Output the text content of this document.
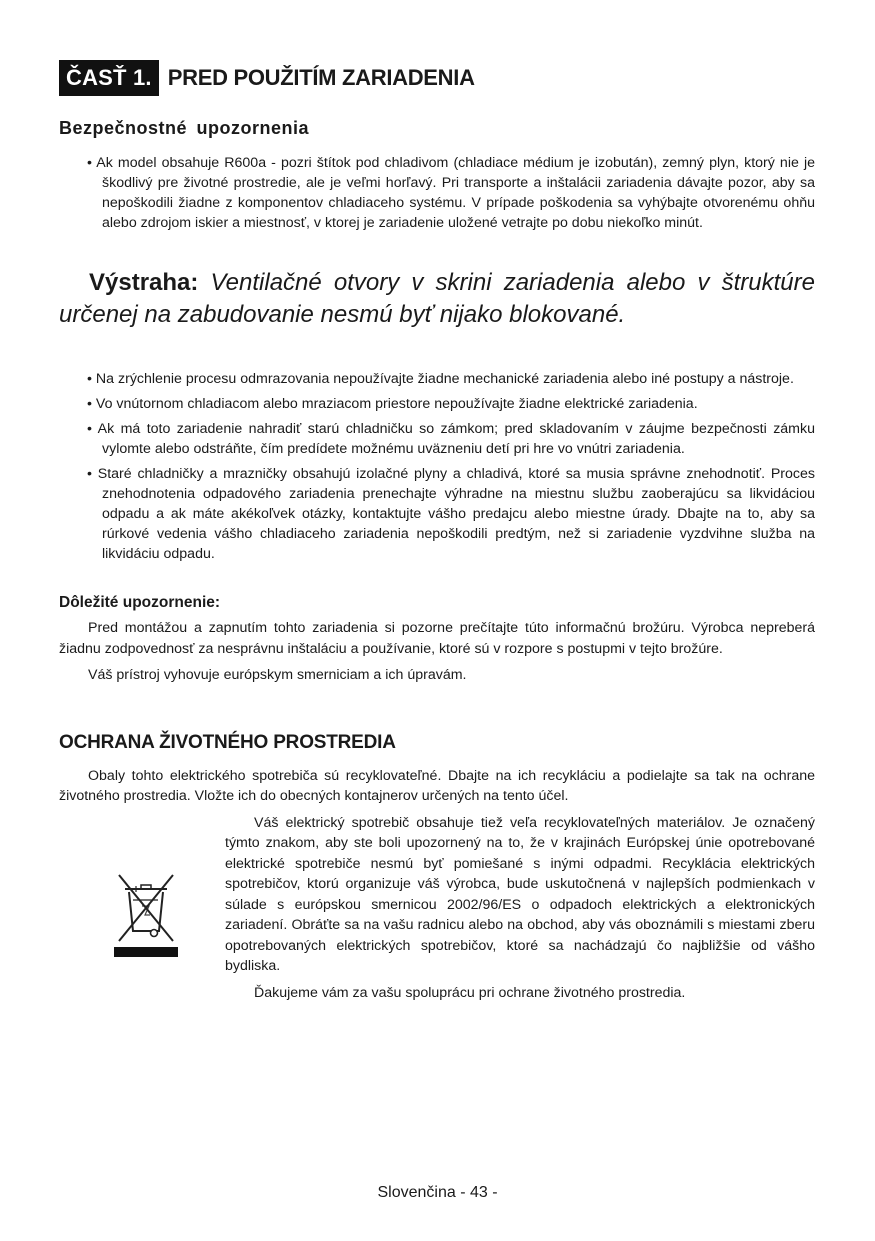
ČASŤ 1. PRED POUŽITÍM ZARIADENIA
Bezpečnostné upozornenia
• Ak model obsahuje R600a - pozri štítok pod chladivom (chladiace médium je izobután), zemný plyn, ktorý nie je škodlivý pre životné prostredie, ale je veľmi horľavý. Pri transporte a inštalácii zariadenia dávajte pozor, aby sa nepoškodili žiadne z komponentov chladiaceho systému. V prípade poškodenia sa vyhýbajte otvorenému ohňu alebo zdrojom iskier a miestnosť, v ktorej je zariadenie uložené vetrajte po dobu niekoľko minút.
Výstraha: Ventilačné otvory v skrini zariadenia alebo v štruktúre určenej na zabudovanie nesmú byť nijako blokované.
• Na zrýchlenie procesu odmrazovania nepoužívajte žiadne mechanické zariadenia alebo iné postupy a nástroje.
• Vo vnútornom chladiacom alebo mraziacom priestore nepoužívajte žiadne elektrické zariadenia.
• Ak má toto zariadenie nahradiť starú chladničku so zámkom; pred skladovaním v záujme bezpečnosti zámku vylomte alebo odstráňte, čím predídete možnému uväzneniu detí pri hre vo vnútri zariadenia.
• Staré chladničky a mrazničky obsahujú izolačné plyny a chladivá, ktoré sa musia správne znehodnotiť. Proces znehodnotenia odpadového zariadenia prenechajte výhradne na miestnu službu zaoberajúcu sa likvidáciou odpadu a ak máte akékoľvek otázky, kontaktujte vášho predajcu alebo miestne úrady. Dbajte na to, aby sa rúrkové vedenia vášho chladiaceho zariadenia nepoškodili predtým, než si zariadenie vyzdvihne služba na likvidáciu odpadu.
Dôležité upozornenie:

Pred montážou a zapnutím tohto zariadenia si pozorne prečítajte túto informačnú brožúru. Výrobca nepreberá žiadnu zodpovednosť za nesprávnu inštaláciu a používanie, ktoré sú v rozpore s postupmi v tejto brožúre.

Váš prístroj vyhovuje európskym smerniciam a ich úpravám.

OCHRANA ŽIVOTNÉHO PROSTREDIA

Obaly tohto elektrického spotrebiča sú recyklovateľné. Dbajte na ich recykláciu a podielajte sa tak na ochrane životného prostredia. Vložte ich do obecných kontajnerov určených na tento účel.

Váš elektrický spotrebič obsahuje tiež veľa recyklovateľných materiálov. Je označený týmto znakom, aby ste boli upozornený na to, že v krajinách Európskej únie opotrebované elektrické spotrebiče nesmú byť pomiešané s inými odpadmi. Recyklácia elektrických spotrebičov, ktorú organizuje váš výrobca, bude uskutočnená v najlepších podmienkach v súlade s európskou smernicou 2002/96/ES o odpadoch elektrických a elektronických zariadení. Obráťte sa na vašu radnicu alebo na obchod, aby vás oboznámili s miestami zberu opotrebovaných elektrických spotrebičov, ktoré sa nachádzajú čo najbližšie od vášho bydliska.

Ďakujeme vám za vašu spoluprácu pri ochrane životného prostredia.

Slovenčina - 43 -
